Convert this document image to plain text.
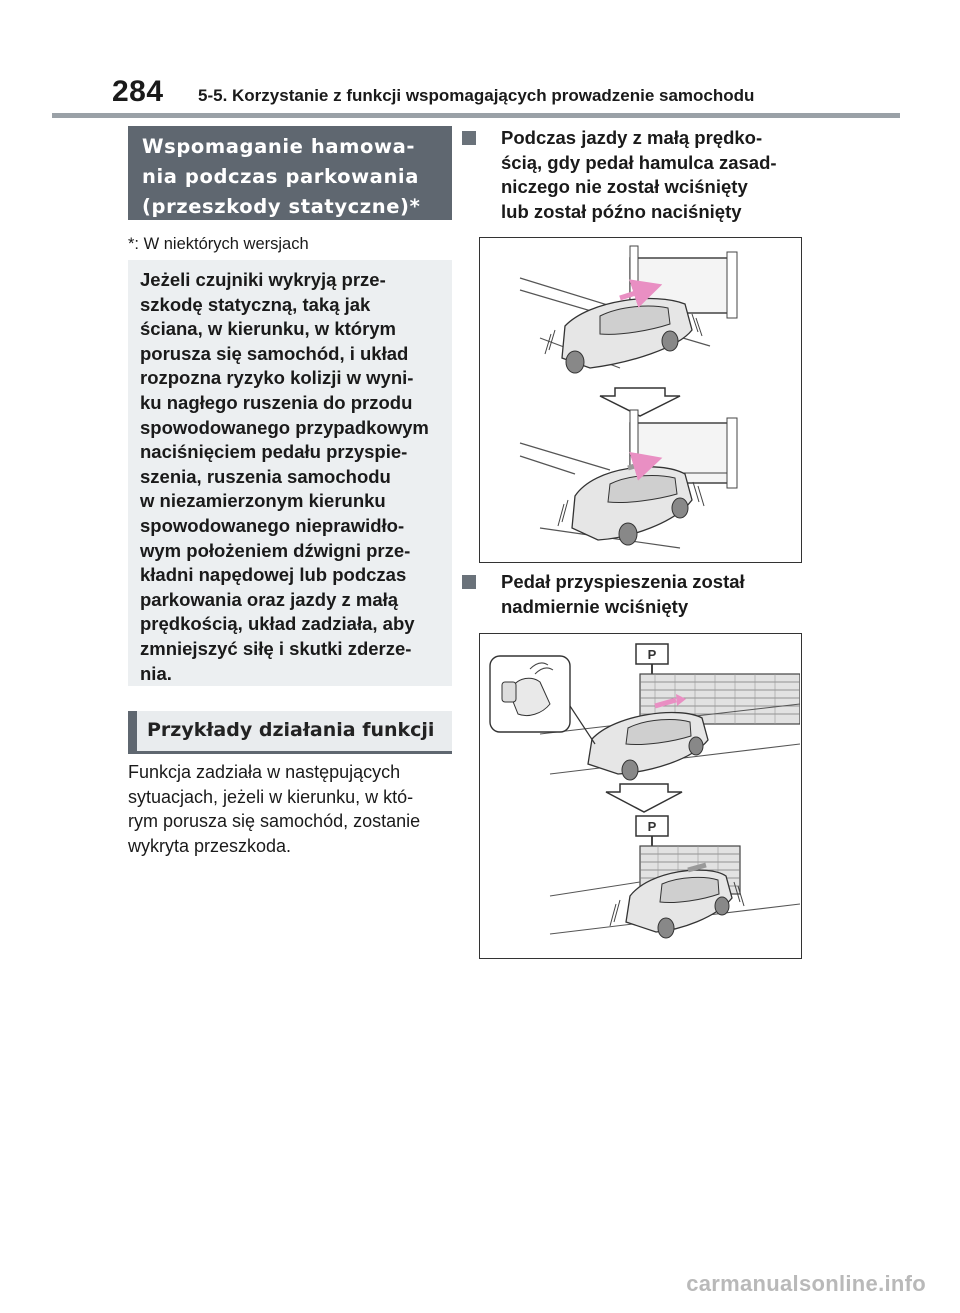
284 5-5. Korzystanie z funkcji wspomagających prowadzenie samochodu
Wspomaganie hamowa-
nia podczas parkowania
(przeszkody statyczne)*
*: W niektórych wersjach
Jeżeli czujniki wykryją prze-
szkodę statyczną, taką jak
ściana, w kierunku, w którym
porusza się samochód, i układ
rozpozna ryzyko kolizji w wyni-
ku nagłego ruszenia do przodu
spowodowanego przypadkowym
naciśnięciem pedału przyspie-
szenia, ruszenia samochodu
w niezamierzonym kierunku
spowodowanego nieprawidło-
wym położeniem dźwigni prze-
kładni napędowej lub podczas
parkowania oraz jazdy z małą
prędkością, układ zadziała, aby
zmniejszyć siłę i skutki zderze-
nia.
Przykłady działania funkcji
Funkcja zadziała w następujących
sytuacjach, jeżeli w kierunku, w któ-
rym porusza się samochód, zostanie
wykryta przeszkoda.
Podczas jazdy z małą prędko-
ścią, gdy pedał hamulca zasad-
niczego nie został wciśnięty
lub został późno naciśnięty
Pedał przyspieszenia został
nadmiernie wciśnięty
P
P
carmanualsonline.info
